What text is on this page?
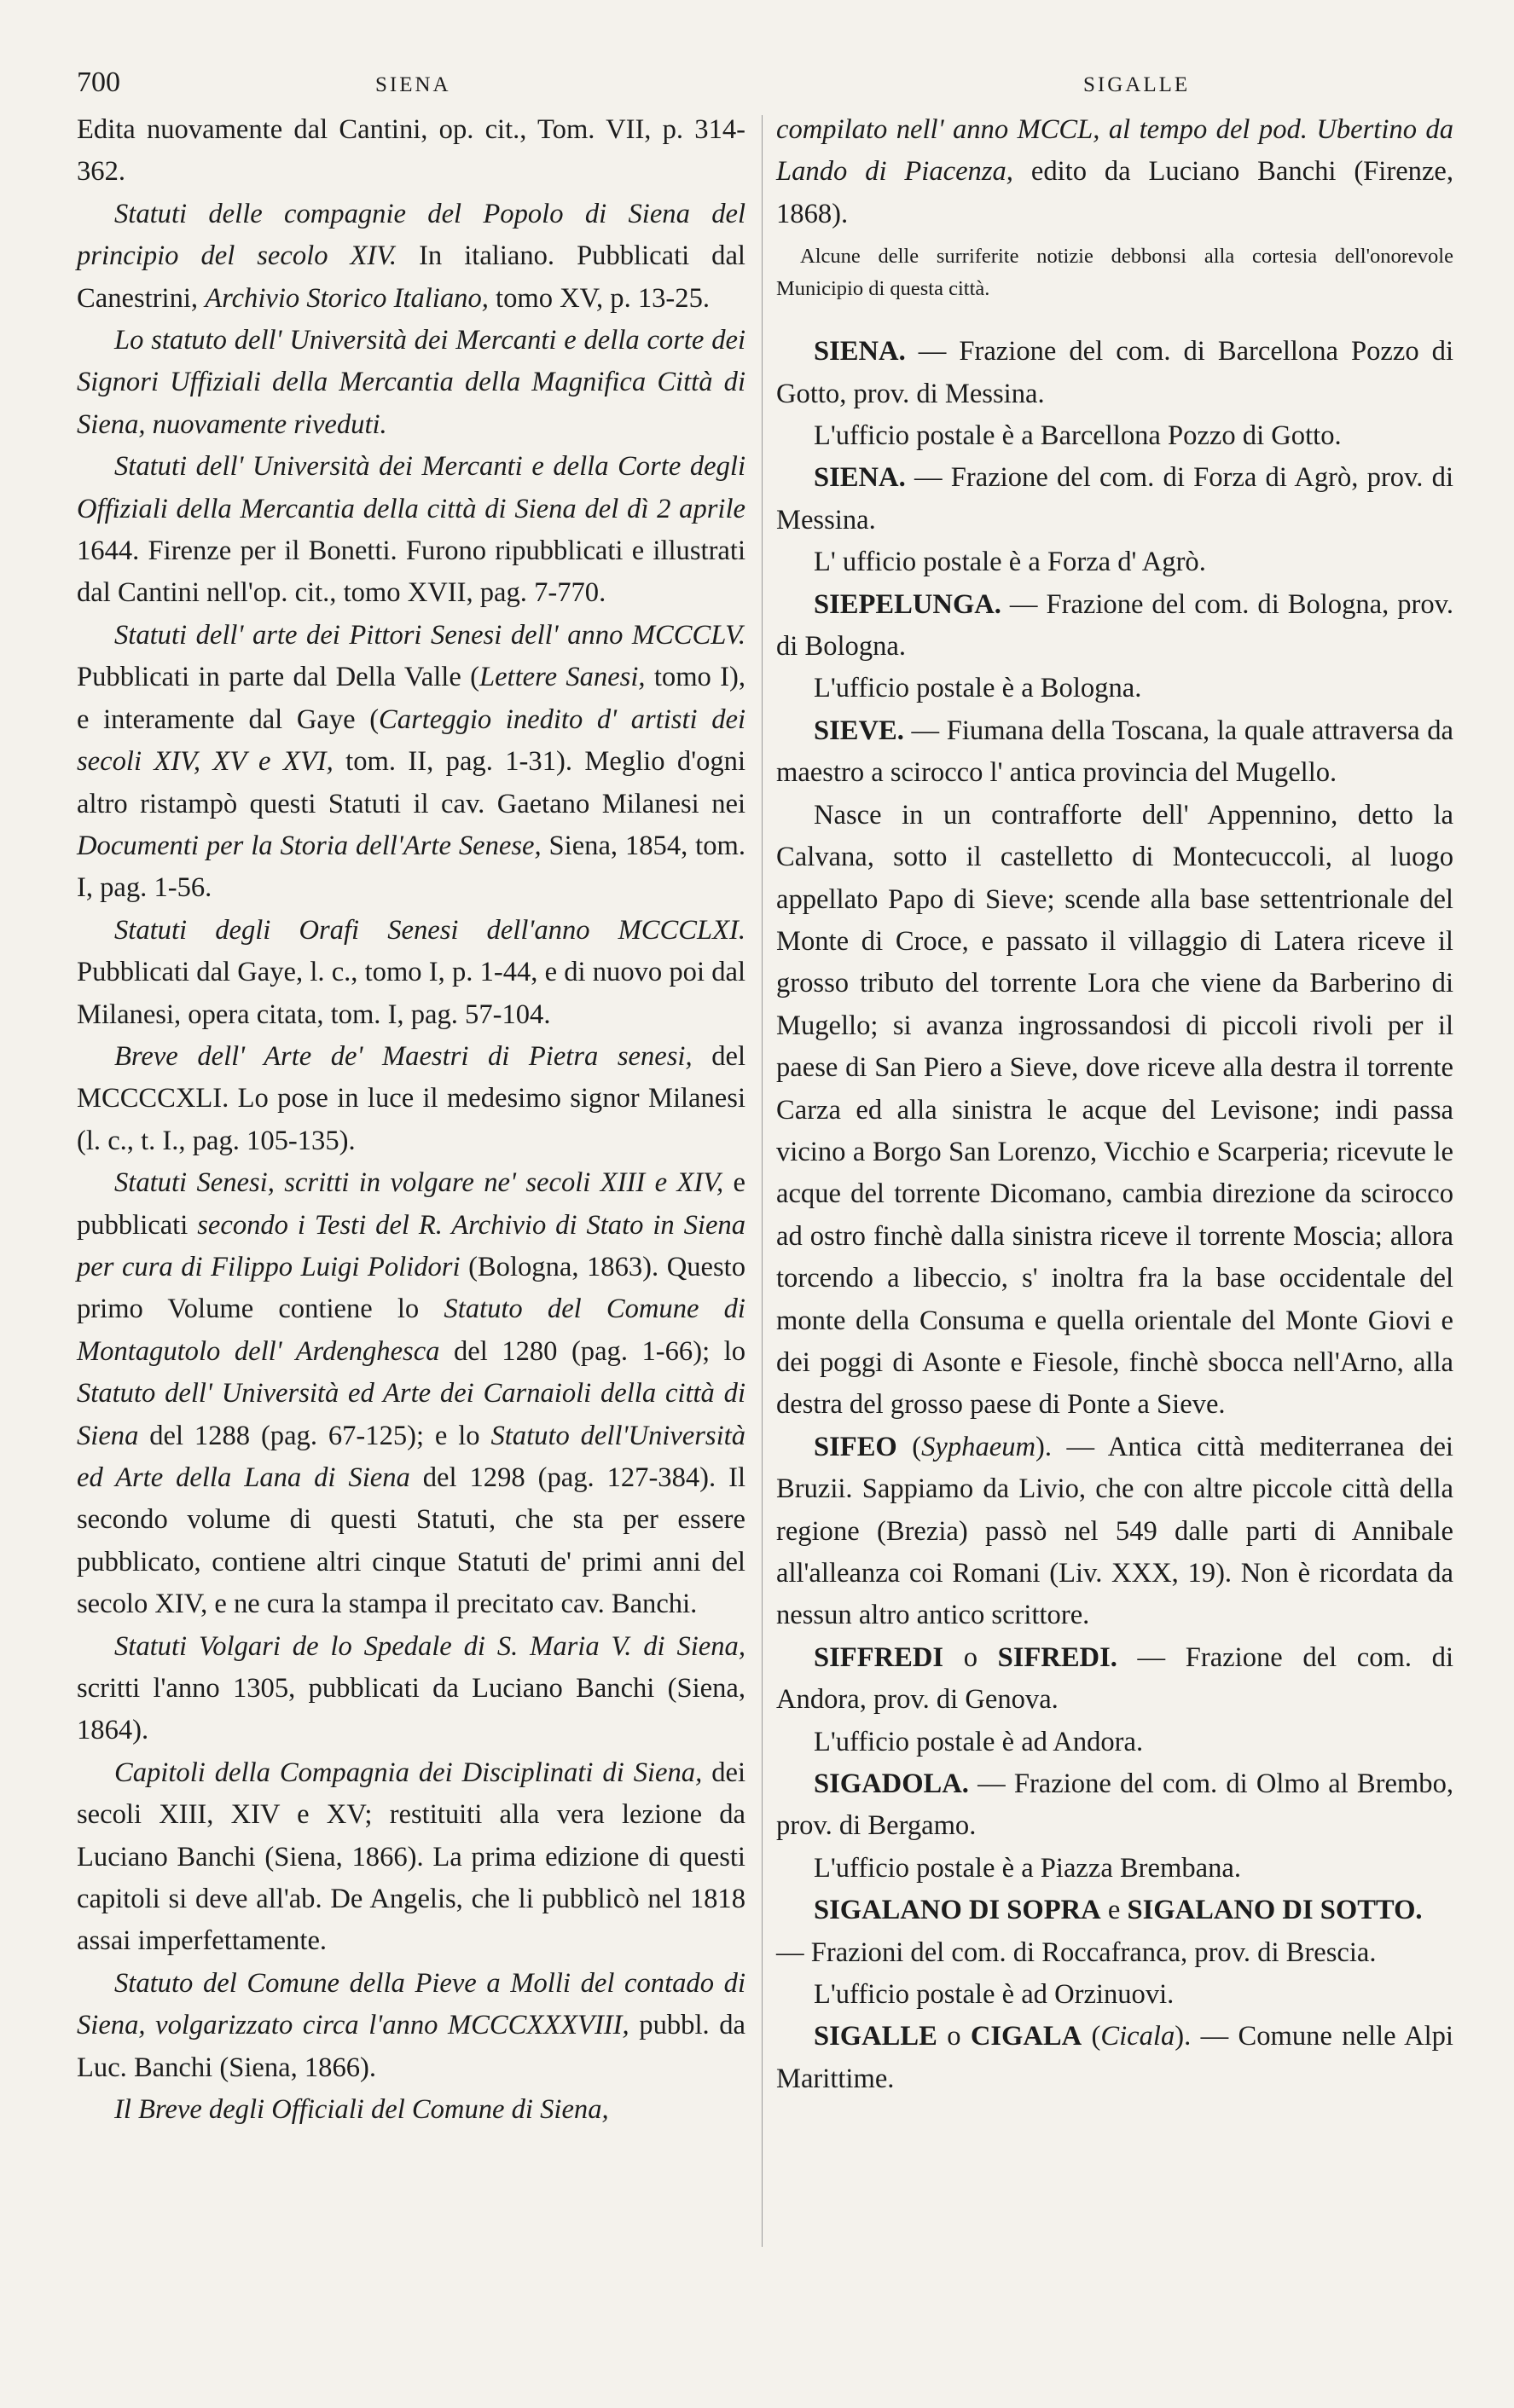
700	SIENA	SIGALLE

Edita nuovamente dal Cantini, op. cit., Tom. VII, p. 314-362.

Statuti delle compagnie del Popolo di Siena del principio del secolo XIV. In italiano. Pubblicati dal Canestrini, Archivio Storico Italiano, tomo XV, p. 13-25.

Lo statuto dell' Università dei Mercanti e della corte dei Signori Uffiziali della Mercantia della Magnifica Città di Siena, nuovamente riveduti.

Statuti dell' Università dei Mercanti e della Corte degli Offiziali della Mercantia della città di Siena del dì 2 aprile 1644. Firenze per il Bonetti. Furono ripubblicati e illustrati dal Cantini nell'op. cit., tomo XVII, pag. 7-770.

Statuti dell' arte dei Pittori Senesi dell' anno MCCCLV. Pubblicati in parte dal Della Valle (Lettere Sanesi, tomo I), e interamente dal Gaye (Carteggio inedito d' artisti dei secoli XIV, XV e XVI, tom. II, pag. 1-31). Meglio d'ogni altro ristampò questi Statuti il cav. Gaetano Milanesi nei Documenti per la Storia dell'Arte Senese, Siena, 1854, tom. I, pag. 1-56.

Statuti degli Orafi Senesi dell'anno MCCCLXI. Pubblicati dal Gaye, l. c., tomo I, p. 1-44, e di nuovo poi dal Milanesi, opera citata, tom. I, pag. 57-104.

Breve dell' Arte de' Maestri di Pietra senesi, del MCCCCXLI. Lo pose in luce il medesimo signor Milanesi (l. c., t. I., pag. 105-135).

Statuti Senesi, scritti in volgare ne' secoli XIII e XIV, e pubblicati secondo i Testi del R. Archivio di Stato in Siena per cura di Filippo Luigi Polidori (Bologna, 1863). Questo primo Volume contiene lo Statuto del Comune di Montagutolo dell' Ardenghesca del 1280 (pag. 1-66); lo Statuto dell' Università ed Arte dei Carnaioli della città di Siena del 1288 (pag. 67-125); e lo Statuto dell'Università ed Arte della Lana di Siena del 1298 (pag. 127-384). Il secondo volume di questi Statuti, che sta per essere pubblicato, contiene altri cinque Statuti de' primi anni del secolo XIV, e ne cura la stampa il precitato cav. Banchi.

Statuti Volgari de lo Spedale di S. Maria V. di Siena, scritti l'anno 1305, pubblicati da Luciano Banchi (Siena, 1864).

Capitoli della Compagnia dei Disciplinati di Siena, dei secoli XIII, XIV e XV; restituiti alla vera lezione da Luciano Banchi (Siena, 1866). La prima edizione di questi capitoli si deve all'ab. De Angelis, che li pubblicò nel 1818 assai imperfettamente.

Statuto del Comune della Pieve a Molli del contado di Siena, volgarizzato circa l'anno MCCCXXXVIII, pubbl. da Luc. Banchi (Siena, 1866).

Il Breve degli Officiali del Comune di Siena,

compilato nell' anno MCCL, al tempo del pod. Ubertino da Lando di Piacenza, edito da Luciano Banchi (Firenze, 1868).

Alcune delle surriferite notizie debbonsi alla cortesia dell'onorevole Municipio di questa città.

SIENA. — Frazione del com. di Barcellona Pozzo di Gotto, prov. di Messina.

L'ufficio postale è a Barcellona Pozzo di Gotto.

SIENA. — Frazione del com. di Forza di Agrò, prov. di Messina.

L' ufficio postale è a Forza d' Agrò.

SIEPELUNGA. — Frazione del com. di Bologna, prov. di Bologna.

L'ufficio postale è a Bologna.

SIEVE. — Fiumana della Toscana, la quale attraversa da maestro a scirocco l' antica provincia del Mugello.

Nasce in un contrafforte dell' Appennino, detto la Calvana, sotto il castelletto di Montecuccoli, al luogo appellato Papo di Sieve; scende alla base settentrionale del Monte di Croce, e passato il villaggio di Latera riceve il grosso tributo del torrente Lora che viene da Barberino di Mugello; si avanza ingrossandosi di piccoli rivoli per il paese di San Piero a Sieve, dove riceve alla destra il torrente Carza ed alla sinistra le acque del Levisone; indi passa vicino a Borgo San Lorenzo, Vicchio e Scarperia; ricevute le acque del torrente Dicomano, cambia direzione da scirocco ad ostro finchè dalla sinistra riceve il torrente Moscia; allora torcendo a libeccio, s' inoltra fra la base occidentale del monte della Consuma e quella orientale del Monte Giovi e dei poggi di Asonte e Fiesole, finchè sbocca nell'Arno, alla destra del grosso paese di Ponte a Sieve.

SIFEO (Syphaeum). — Antica città mediterranea dei Bruzii. Sappiamo da Livio, che con altre piccole città della regione (Brezia) passò nel 549 dalle parti di Annibale all'alleanza coi Romani (Liv. XXX, 19). Non è ricordata da nessun altro antico scrittore.

SIFFREDI o SIFREDI. — Frazione del com. di Andora, prov. di Genova.

L'ufficio postale è ad Andora.

SIGADOLA. — Frazione del com. di Olmo al Brembo, prov. di Bergamo.

L'ufficio postale è a Piazza Brembana.

SIGALANO DI SOPRA e SIGALANO DI SOTTO.

— Frazioni del com. di Roccafranca, prov. di Brescia.

L'ufficio postale è ad Orzinuovi.

SIGALLE o CIGALA (Cicala). — Comune nelle Alpi Marittime.
